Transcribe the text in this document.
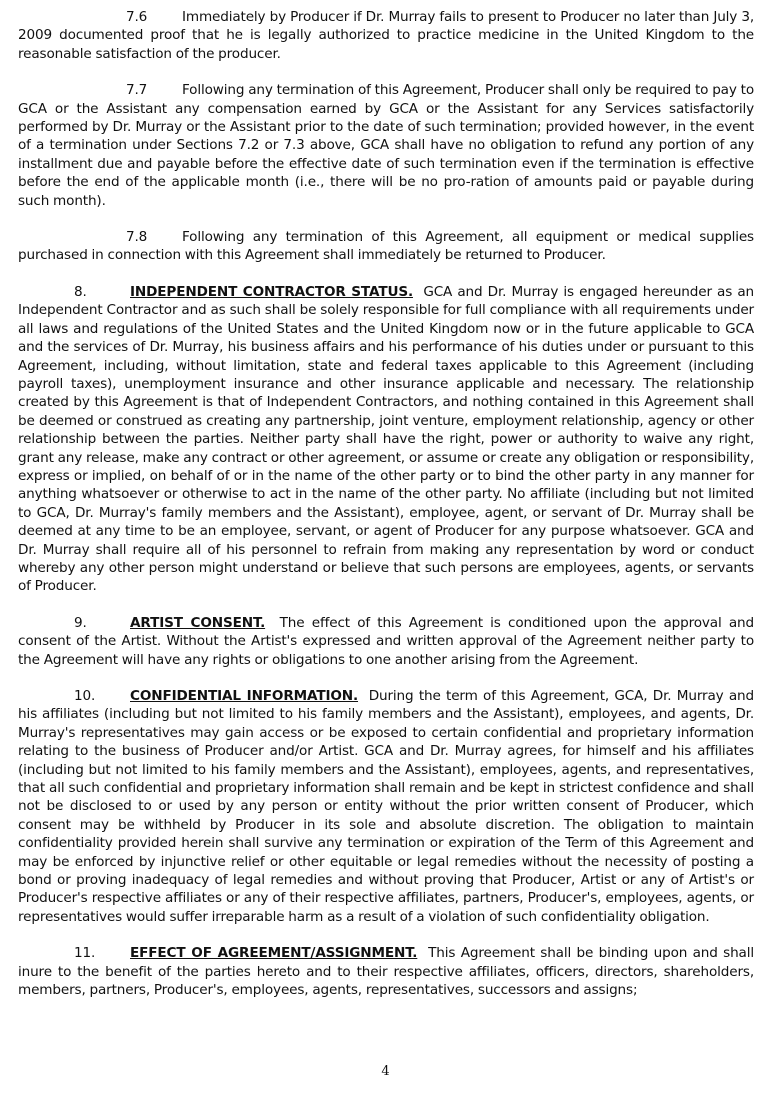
7.6	Immediately by Producer if Dr. Murray fails to present to Producer no later than July 3, 2009 documented proof that he is legally authorized to practice medicine in the United Kingdom to the reasonable satisfaction of the producer.

7.7	Following any termination of this Agreement, Producer shall only be required to pay to GCA or the Assistant any compensation earned by GCA or the Assistant for any Services satisfactorily performed by Dr. Murray or the Assistant prior to the date of such termination; provided however, in the event of a termination under Sections 7.2 or 7.3 above, GCA shall have no obligation to refund any portion of any installment due and payable before the effective date of such termination even if the termination is effective before the end of the applicable month (i.e., there will be no pro-ration of amounts paid or payable during such month).

7.8	Following any termination of this Agreement, all equipment or medical supplies purchased in connection with this Agreement shall immediately be returned to Producer.

8.	INDEPENDENT CONTRACTOR STATUS. GCA and Dr. Murray is engaged hereunder as an Independent Contractor and as such shall be solely responsible for full compliance with all requirements under all laws and regulations of the United States and the United Kingdom now or in the future applicable to GCA and the services of Dr. Murray, his business affairs and his performance of his duties under or pursuant to this Agreement, including, without limitation, state and federal taxes applicable to this Agreement (including payroll taxes), unemployment insurance and other insurance applicable and necessary. The relationship created by this Agreement is that of Independent Contractors, and nothing contained in this Agreement shall be deemed or construed as creating any partnership, joint venture, employment relationship, agency or other relationship between the parties. Neither party shall have the right, power or authority to waive any right, grant any release, make any contract or other agreement, or assume or create any obligation or responsibility, express or implied, on behalf of or in the name of the other party or to bind the other party in any manner for anything whatsoever or otherwise to act in the name of the other party. No affiliate (including but not limited to GCA, Dr. Murray's family members and the Assistant), employee, agent, or servant of Dr. Murray shall be deemed at any time to be an employee, servant, or agent of Producer for any purpose whatsoever. GCA and Dr. Murray shall require all of his personnel to refrain from making any representation by word or conduct whereby any other person might understand or believe that such persons are employees, agents, or servants of Producer.

9.	ARTIST CONSENT. The effect of this Agreement is conditioned upon the approval and consent of the Artist. Without the Artist's expressed and written approval of the Agreement neither party to the Agreement will have any rights or obligations to one another arising from the Agreement.

10.	CONFIDENTIAL INFORMATION. During the term of this Agreement, GCA, Dr. Murray and his affiliates (including but not limited to his family members and the Assistant), employees, and agents, Dr. Murray's representatives may gain access or be exposed to certain confidential and proprietary information relating to the business of Producer and/or Artist. GCA and Dr. Murray agrees, for himself and his affiliates (including but not limited to his family members and the Assistant), employees, agents, and representatives, that all such confidential and proprietary information shall remain and be kept in strictest confidence and shall not be disclosed to or used by any person or entity without the prior written consent of Producer, which consent may be withheld by Producer in its sole and absolute discretion. The obligation to maintain confidentiality provided herein shall survive any termination or expiration of the Term of this Agreement and may be enforced by injunctive relief or other equitable or legal remedies without the necessity of posting a bond or proving inadequacy of legal remedies and without proving that Producer, Artist or any of Artist's or Producer's respective affiliates or any of their respective affiliates, partners, Producer's, employees, agents, or representatives would suffer irreparable harm as a result of a violation of such confidentiality obligation.

11.	EFFECT OF AGREEMENT/ASSIGNMENT. This Agreement shall be binding upon and shall inure to the benefit of the parties hereto and to their respective affiliates, officers, directors, shareholders, members, partners, Producer's, employees, agents, representatives, successors and assigns;

4
